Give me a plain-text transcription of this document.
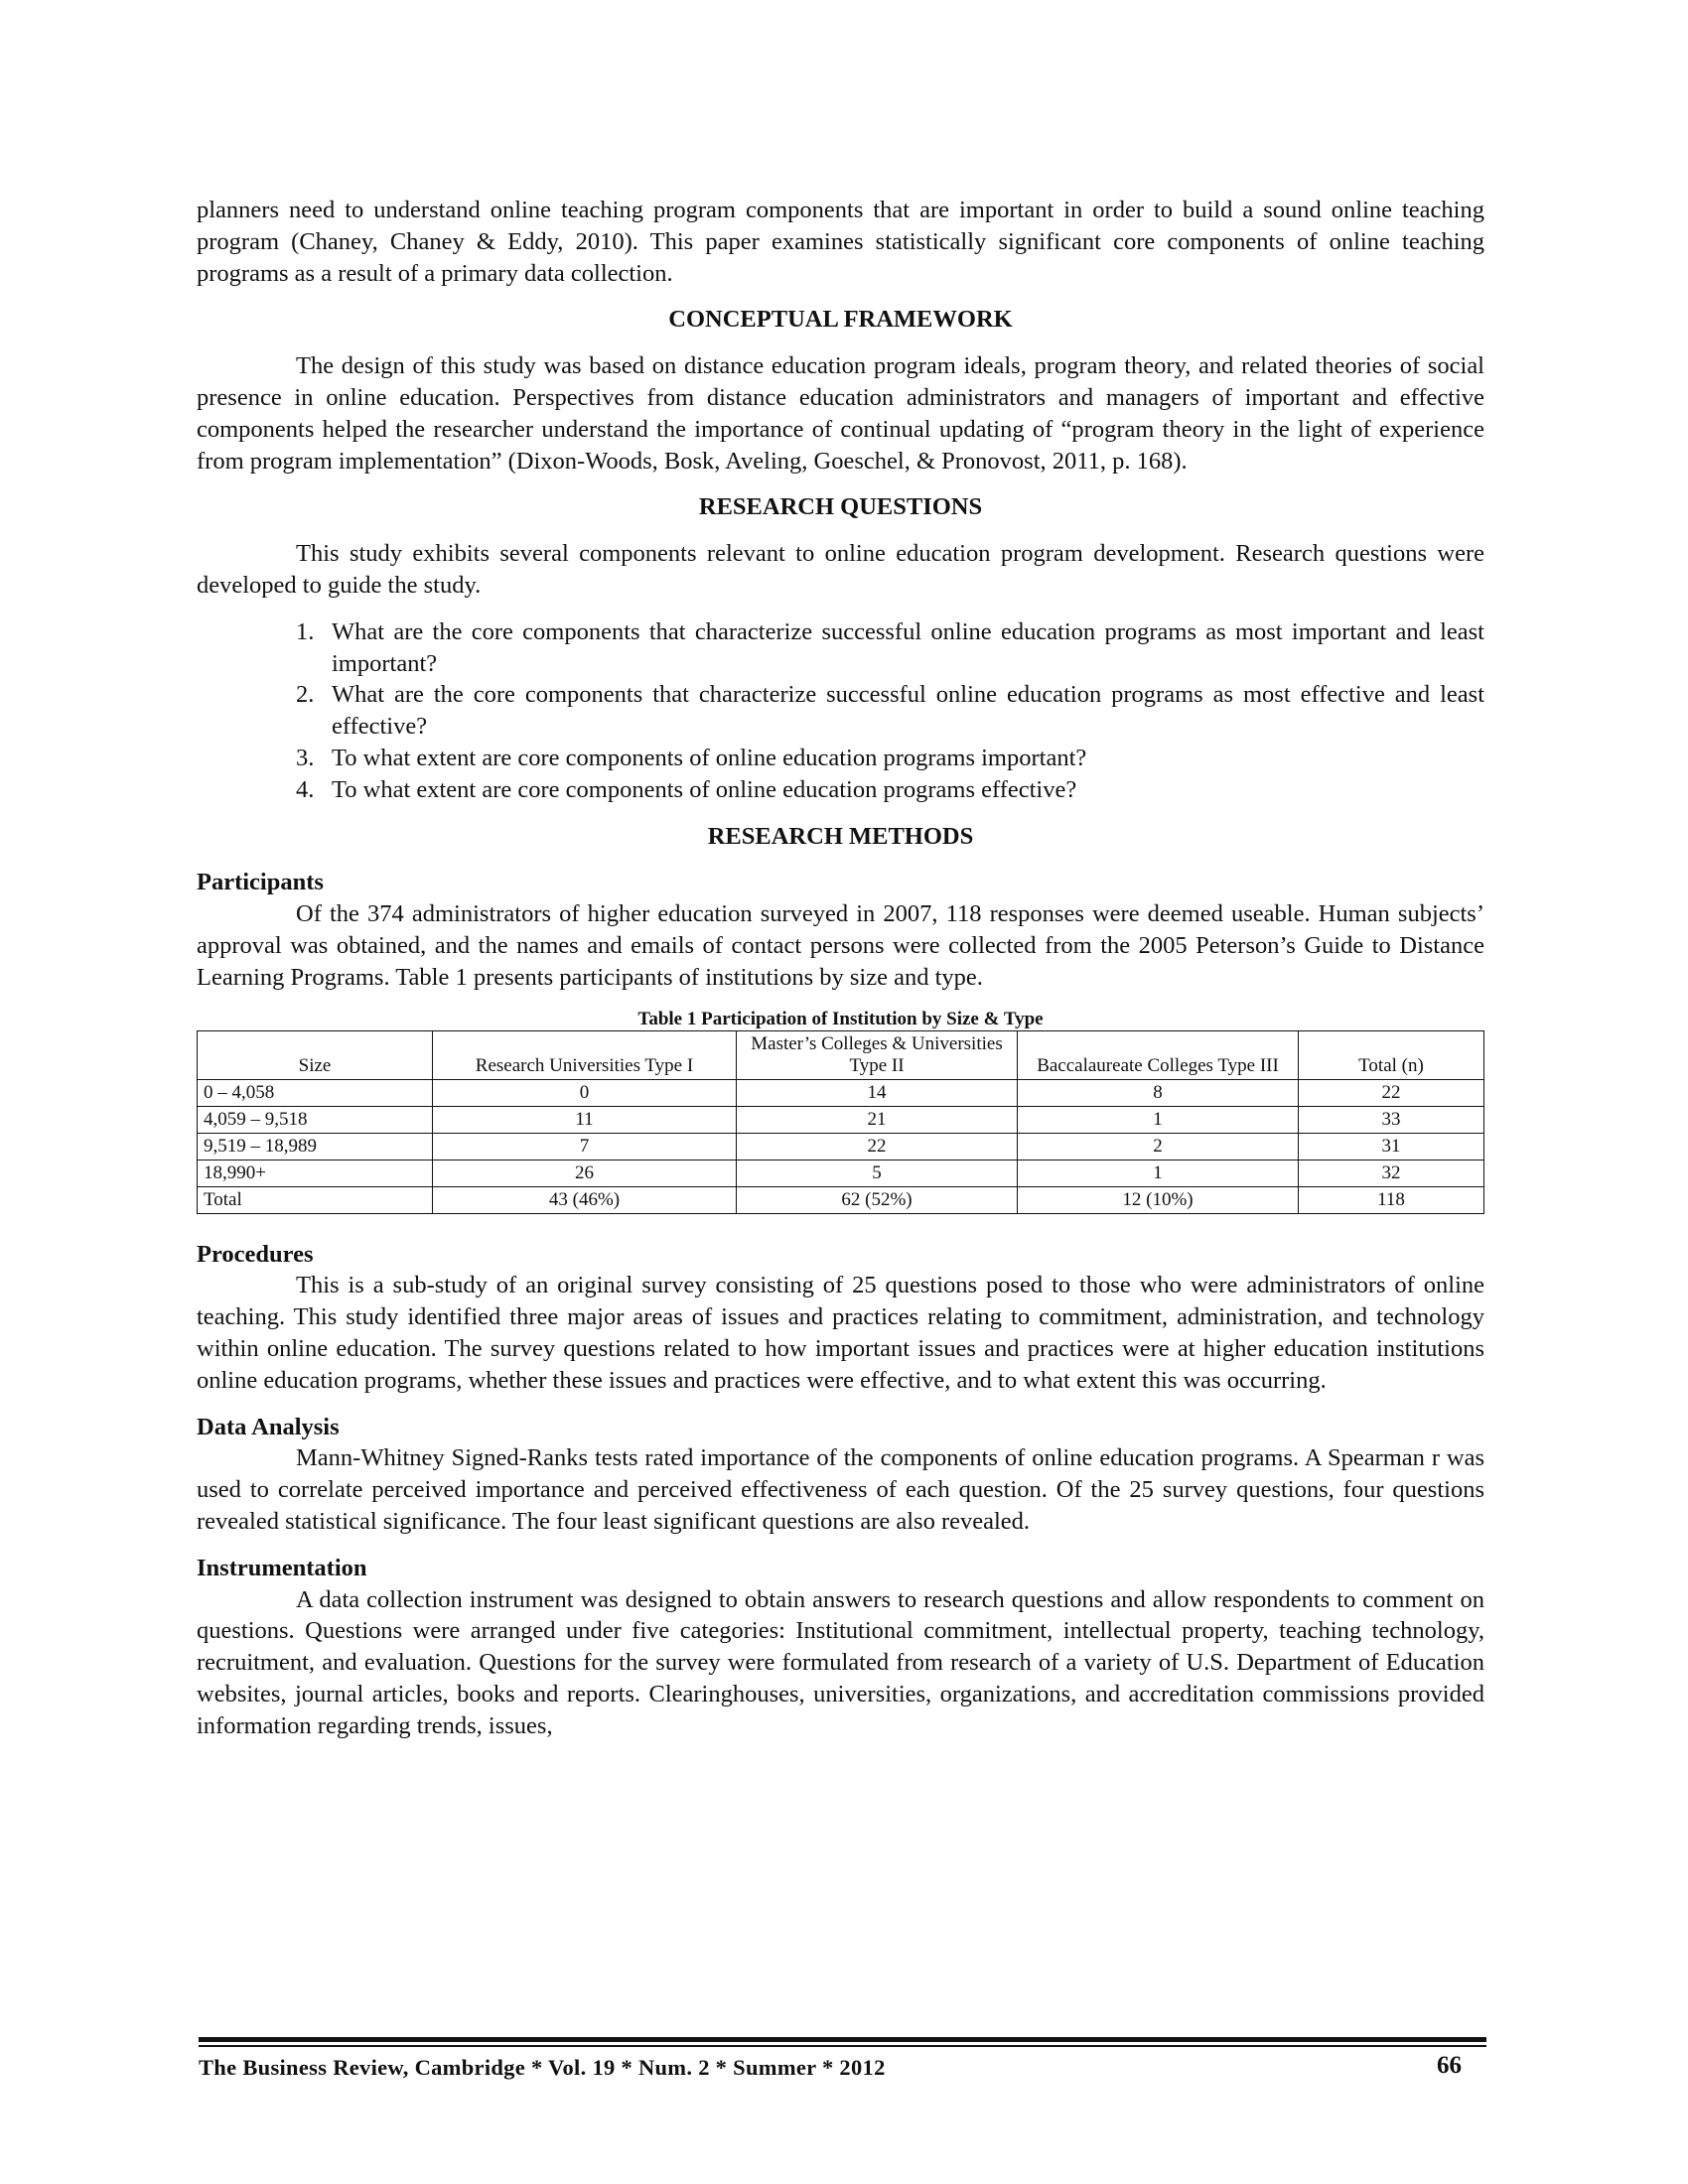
planners need to understand online teaching program components that are important in order to build a sound online teaching program (Chaney, Chaney & Eddy, 2010). This paper examines statistically significant core components of online teaching programs as a result of a primary data collection.

CONCEPTUAL FRAMEWORK

The design of this study was based on distance education program ideals, program theory, and related theories of social presence in online education. Perspectives from distance education administrators and managers of important and effective components helped the researcher understand the importance of continual updating of “program theory in the light of experience from program implementation” (Dixon-Woods, Bosk, Aveling, Goeschel, & Pronovost, 2011, p. 168).

RESEARCH QUESTIONS

This study exhibits several components relevant to online education program development. Research questions were developed to guide the study.

1. What are the core components that characterize successful online education programs as most important and least important?
2. What are the core components that characterize successful online education programs as most effective and least effective?
3. To what extent are core components of online education programs important?
4. To what extent are core components of online education programs effective?
RESEARCH METHODS
Participants

Of the 374 administrators of higher education surveyed in 2007, 118 responses were deemed useable. Human subjects’ approval was obtained, and the names and emails of contact persons were collected from the 2005 Peterson’s Guide to Distance Learning Programs. Table 1 presents participants of institutions by size and type.

Table 1 Participation of Institution by Size & Type
Size	Research Universities Type I	Master’s Colleges & Universities Type II	Baccalaureate Colleges Type III	Total (n)
0 – 4,058	0	14	8	22
4,059 – 9,518	11	21	1	33
9,519 – 18,989	7	22	2	31
18,990+	26	5	1	32
Total	43 (46%)	62 (52%)	12 (10%)	118
Procedures

This is a sub-study of an original survey consisting of 25 questions posed to those who were administrators of online teaching. This study identified three major areas of issues and practices relating to commitment, administration, and technology within online education. The survey questions related to how important issues and practices were at higher education institutions online education programs, whether these issues and practices were effective, and to what extent this was occurring.

Data Analysis

Mann-Whitney Signed-Ranks tests rated importance of the components of online education programs. A Spearman r was used to correlate perceived importance and perceived effectiveness of each question. Of the 25 survey questions, four questions revealed statistical significance. The four least significant questions are also revealed.

Instrumentation

A data collection instrument was designed to obtain answers to research questions and allow respondents to comment on questions. Questions were arranged under five categories: Institutional commitment, intellectual property, teaching technology, recruitment, and evaluation. Questions for the survey were formulated from research of a variety of U.S. Department of Education websites, journal articles, books and reports. Clearinghouses, universities, organizations, and accreditation commissions provided information regarding trends, issues,

The Business Review, Cambridge * Vol. 19 * Num. 2 * Summer * 2012	66
